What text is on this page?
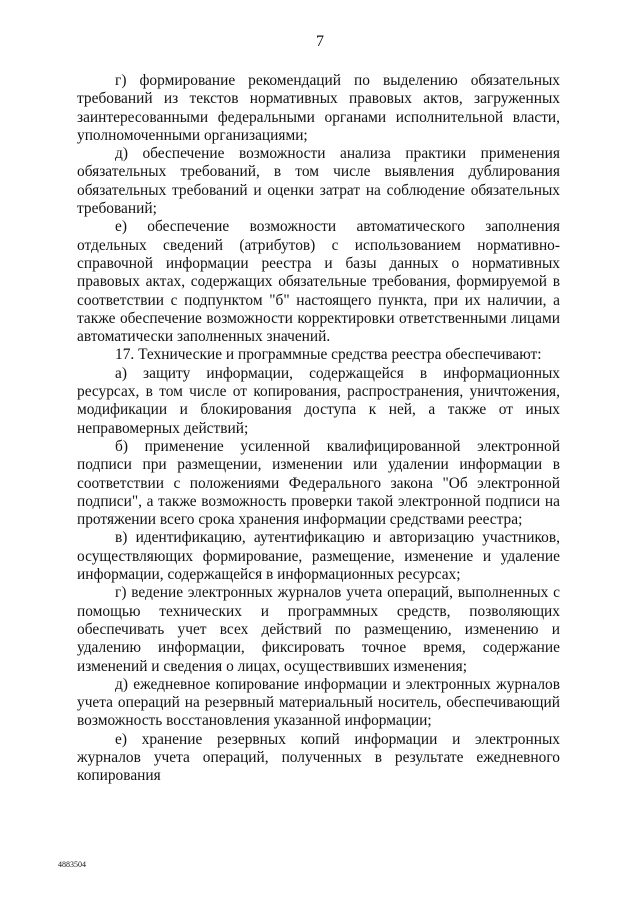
7

г) формирование рекомендаций по выделению обязательных требований из текстов нормативных правовых актов, загруженных заинтересованными федеральными органами исполнительной власти, уполномоченными организациями;

д) обеспечение возможности анализа практики применения обязательных требований, в том числе выявления дублирования обязательных требований и оценки затрат на соблюдение обязательных требований;

е) обеспечение возможности автоматического заполнения отдельных сведений (атрибутов) с использованием нормативно-справочной информации реестра и базы данных о нормативных правовых актах, содержащих обязательные требования, формируемой в соответствии с подпунктом "б" настоящего пункта, при их наличии, а также обеспечение возможности корректировки ответственными лицами автоматически заполненных значений.

17. Технические и программные средства реестра обеспечивают:

а) защиту информации, содержащейся в информационных ресурсах, в том числе от копирования, распространения, уничтожения, модификации и блокирования доступа к ней, а также от иных неправомерных действий;

б) применение усиленной квалифицированной электронной подписи при размещении, изменении или удалении информации в соответствии с положениями Федерального закона "Об электронной подписи", а также возможность проверки такой электронной подписи на протяжении всего срока хранения информации средствами реестра;

в) идентификацию, аутентификацию и авторизацию участников, осуществляющих формирование, размещение, изменение и удаление информации, содержащейся в информационных ресурсах;

г) ведение электронных журналов учета операций, выполненных с помощью технических и программных средств, позволяющих обеспечивать учет всех действий по размещению, изменению и удалению информации, фиксировать точное время, содержание изменений и сведения о лицах, осуществивших изменения;

д) ежедневное копирование информации и электронных журналов учета операций на резервный материальный носитель, обеспечивающий возможность восстановления указанной информации;

е) хранение резервных копий информации и электронных журналов учета операций, полученных в результате ежедневного копирования

4883504
